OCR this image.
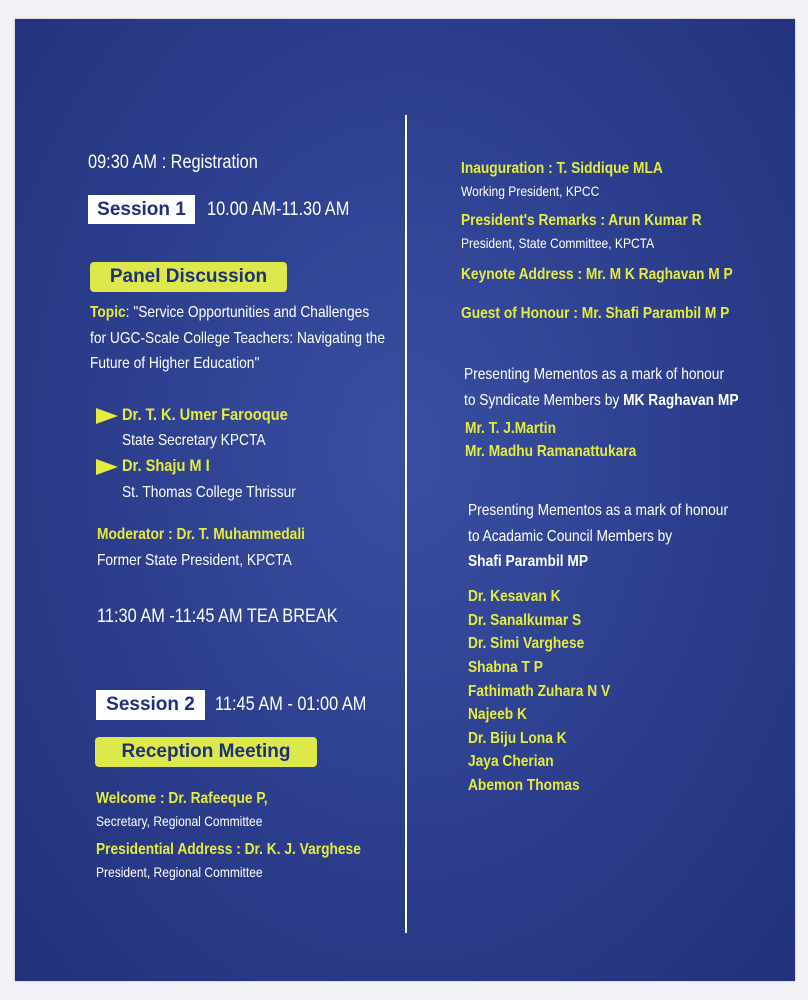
09:30 AM : Registration
Session 1	10.00 AM-11.30 AM
Panel Discussion
Topic: "Service Opportunities and Challenges
for UGC-Scale College Teachers: Navigating the
Future of Higher Education"
Dr. T. K. Umer Farooque
State Secretary KPCTA
Dr. Shaju M I
St. Thomas College Thrissur
Moderator : Dr. T. Muhammedali
Former State President, KPCTA
11:30 AM -11:45 AM TEA BREAK
Session 2	11:45 AM - 01:00 AM
Reception Meeting
Welcome : Dr. Rafeeque P,
Secretary, Regional Committee
Presidential Address : Dr. K. J. Varghese
President, Regional Committee
Inauguration : T. Siddique MLA
Working President, KPCC
President's Remarks : Arun Kumar R
President, State Committee, KPCTA
Keynote Address : Mr. M K Raghavan M P
Guest of Honour : Mr. Shafi Parambil M P
Presenting Mementos as a mark of honour
to Syndicate Members by MK Raghavan MP
Mr. T. J.Martin
Mr. Madhu Ramanattukara
Presenting Mementos as a mark of honour
to Acadamic Council Members by
Shafi Parambil MP
Dr. Kesavan K
Dr. Sanalkumar S
Dr. Simi Varghese
Shabna T P
Fathimath Zuhara N V
Najeeb K
Dr. Biju Lona K
Jaya Cherian
Abemon Thomas
